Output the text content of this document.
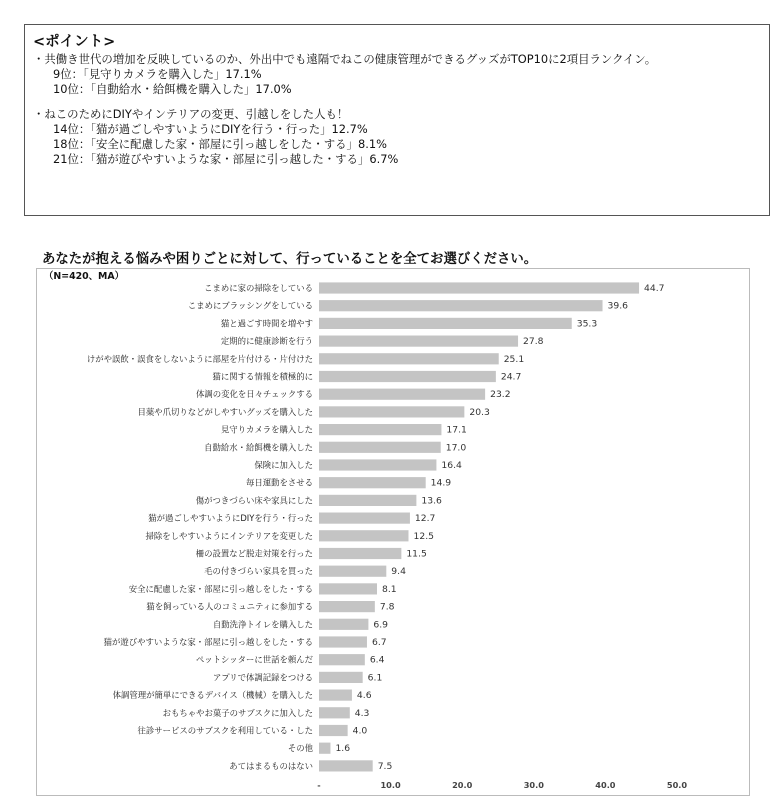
<ポイント>
・共働き世代の増加を反映しているのか、外出中でも遠隔でねこの健康管理ができるグッズがTOP10に2項目ランクイン。
9位：「見守りカメラを購入した」17.1%
10位：「自動給水・給餌機を購入した」17.0%
・ねこのためにDIYやインテリアの変更、引越しをした人も！
14位：「猫が過ごしやすいようにDIYを行う・行った」12.7%
18位：「安全に配慮した家・部屋に引っ越しをした・する」8.1%
21位：「猫が遊びやすいような家・部屋に引っ越した・する」6.7%
あなたが抱える悩みや困りごとに対して、行っていることを全てお選びください。
（N=420、MA）
こまめに家の掃除をしている	44.7
こまめにブラッシングをしている	39.6
猫と過ごす時間を増やす	35.3
定期的に健康診断を行う	27.8
けがや誤飲・誤食をしないように部屋を片付ける・片付けた	25.1
猫に関する情報を積極的に	24.7
体調の変化を日々チェックする	23.2
目薬や爪切りなどがしやすいグッズを購入した	20.3
見守りカメラを購入した	17.1
自動給水・給餌機を購入した	17.0
保険に加入した	16.4
毎日運動をさせる	14.9
傷がつきづらい床や家具にした	13.6
猫が過ごしやすいようにDIYを行う・行った	12.7
掃除をしやすいようにインテリアを変更した	12.5
柵の設置など脱走対策を行った	11.5
毛の付きづらい家具を買った	9.4
安全に配慮した家・部屋に引っ越しをした・する	8.1
猫を飼っている人のコミュニティに参加する	7.8
自動洗浄トイレを購入した	6.9
猫が遊びやすいような家・部屋に引っ越しをした・する	6.7
ペットシッターに世話を頼んだ	6.4
アプリで体調記録をつける	6.1
体調管理が簡単にできるデバイス（機械）を購入した	4.6
おもちゃやお菓子のサブスクに加入した	4.3
往診サービスのサブスクを利用している・した	4.0
その他 1.6
あてはまるものはない	7.5
-	10.0	20.0	30.0	40.0	50.0
